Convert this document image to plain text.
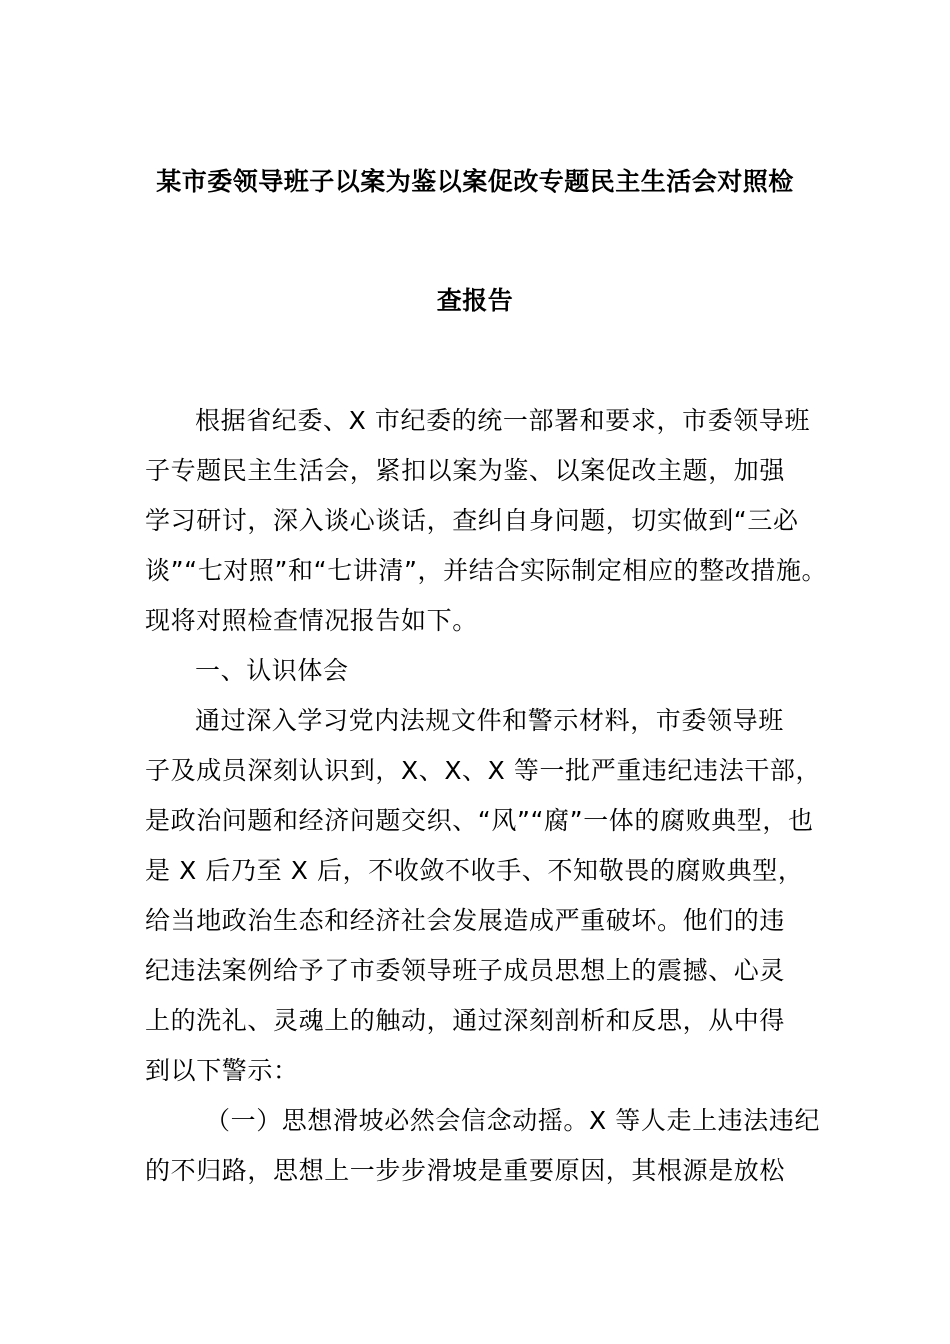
某市委领导班子以案为鉴以案促改专题民主生活会对照检
查报告
根据省纪委、X 市纪委的统一部署和要求，市委领导班
子专题民主生活会，紧扣以案为鉴、以案促改主题，加强
学习研讨，深入谈心谈话，查纠自身问题，切实做到“三必
谈”“七对照”和“七讲清”，并结合实际制定相应的整改措施。
现将对照检查情况报告如下。
一、认识体会
通过深入学习党内法规文件和警示材料，市委领导班
子及成员深刻认识到，X、X、X 等一批严重违纪违法干部，
是政治问题和经济问题交织、“风”“腐”一体的腐败典型，也
是 X 后乃至 X 后，不收敛不收手、不知敬畏的腐败典型，
给当地政治生态和经济社会发展造成严重破坏。他们的违
纪违法案例给予了市委领导班子成员思想上的震撼、心灵
上的洗礼、灵魂上的触动，通过深刻剖析和反思，从中得
到以下警示：
（一）思想滑坡必然会信念动摇。X 等人走上违法违纪
的不归路，思想上一步步滑坡是重要原因，其根源是放松
